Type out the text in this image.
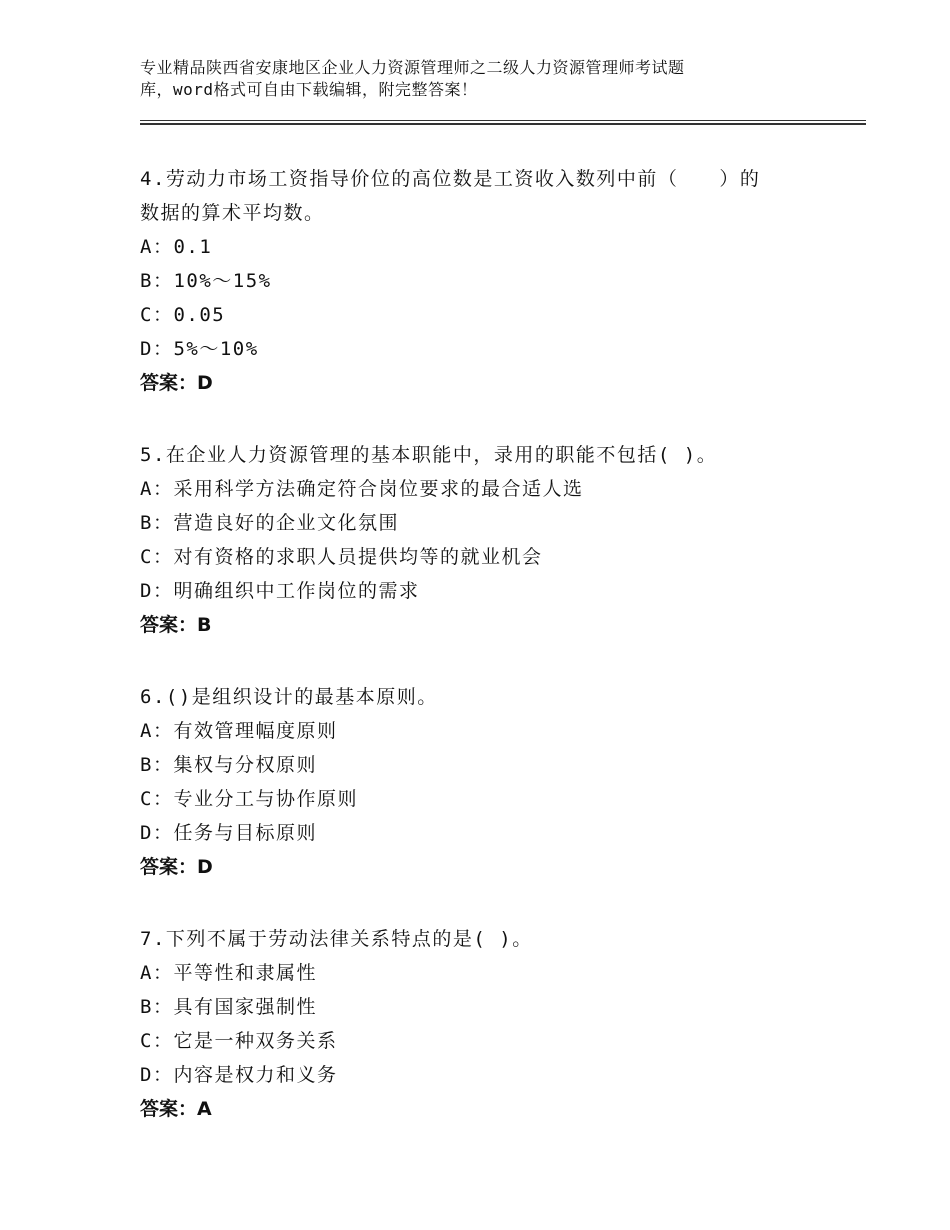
专业精品陕西省安康地区企业人力资源管理师之二级人力资源管理师考试题
库，word格式可自由下载编辑，附完整答案！

4.劳动力市场工资指导价位的高位数是工资收入数列中前（　　）的

数据的算术平均数。

A：0.1

B：10%～15%

C：0.05

D：5%～10%

答案：D

5.在企业人力资源管理的基本职能中，录用的职能不包括( )。

A：采用科学方法确定符合岗位要求的最合适人选

B：营造良好的企业文化氛围

C：对有资格的求职人员提供均等的就业机会

D：明确组织中工作岗位的需求

答案：B

6.()是组织设计的最基本原则。

A：有效管理幅度原则

B：集权与分权原则

C：专业分工与协作原则

D：任务与目标原则

答案：D

7.下列不属于劳动法律关系特点的是( )。

A：平等性和隶属性

B：具有国家强制性

C：它是一种双务关系

D：内容是权力和义务

答案：A
